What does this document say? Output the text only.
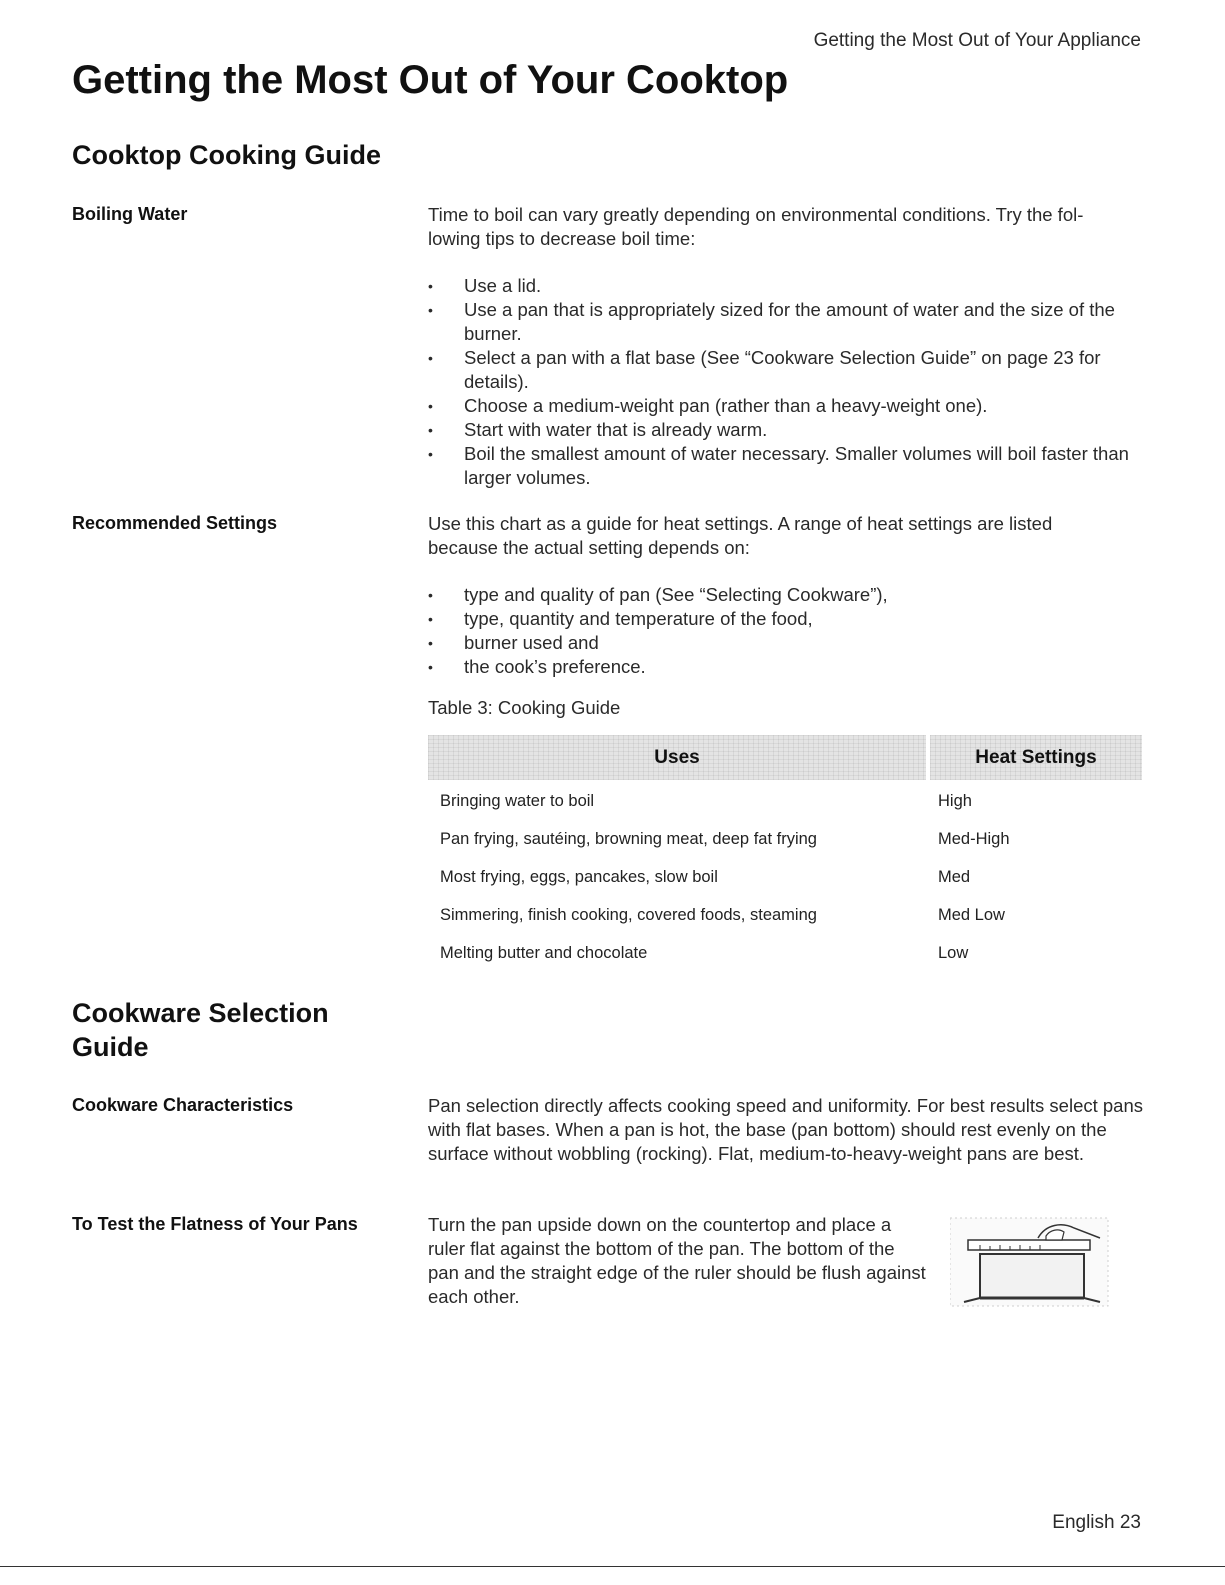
Getting the Most Out of Your Appliance
Getting the Most Out of Your Cooktop
Cooktop Cooking Guide
Boiling Water	Time to boil can vary greatly depending on environmental conditions. Try the fol- lowing tips to decrease boil time:
• Use a lid.
• Use a pan that is appropriately sized for the amount of water and the size of the burner.
• Select a pan with a flat base (See “Cookware Selection Guide” on page 23 for details).
• Choose a medium-weight pan (rather than a heavy-weight one).
• Start with water that is already warm.
• Boil the smallest amount of water necessary. Smaller volumes will boil faster than larger volumes.
Recommended Settings	Use this chart as a guide for heat settings. A range of heat settings are listed because the actual setting depends on:
• type and quality of pan (See “Selecting Cookware”),
• type, quantity and temperature of the food,
• burner used and
• the cook’s preference.
Table 3: Cooking Guide
Uses	Heat Settings
Bringing water to boil	High
Pan frying, sautéing, browning meat, deep fat frying	Med-High
Most frying, eggs, pancakes, slow boil	Med
Simmering, finish cooking, covered foods, steaming	Med Low
Melting butter and chocolate	Low
Cookware Selection
Guide
Cookware Characteristics	Pan selection directly affects cooking speed and uniformity. For best results select pans with flat bases. When a pan is hot, the base (pan bottom) should rest evenly on the surface without wobbling (rocking). Flat, medium-to-heavy-weight pans are best.
To Test the Flatness of Your Pans	Turn the pan upside down on the countertop and place a ruler flat against the bottom of the pan. The bottom of the pan and the straight edge of the ruler should be flush against each other.
English 23
